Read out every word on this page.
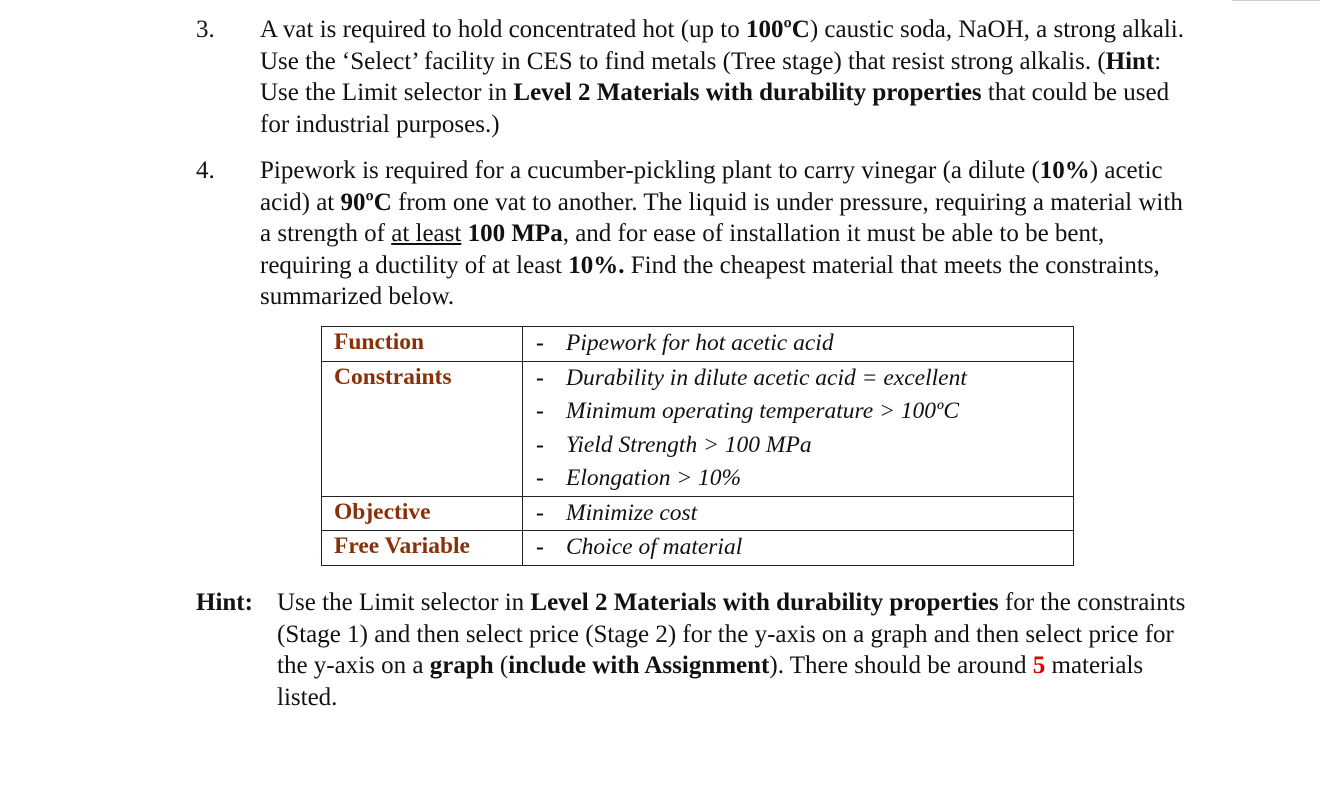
3. A vat is required to hold concentrated hot (up to 100ºC) caustic soda, NaOH, a strong alkali. Use the ‘Select’ facility in CES to find metals (Tree stage) that resist strong alkalis. (Hint: Use the Limit selector in Level 2 Materials with durability properties that could be used for industrial purposes.)
4. Pipework is required for a cucumber-pickling plant to carry vinegar (a dilute (10%) acetic acid) at 90ºC from one vat to another. The liquid is under pressure, requiring a material with a strength of at least 100 MPa, and for ease of installation it must be able to be bent, requiring a ductility of at least 10%. Find the cheapest material that meets the constraints, summarized below.
Function	- Pipework for hot acetic acid

Constraints	- Durability in dilute acetic acid = excellent
- Minimum operating temperature > 100ºC
- Yield Strength > 100 MPa
- Elongation > 10%

Objective	- Minimize cost

Free Variable	- Choice of material
Hint: Use the Limit selector in Level 2 Materials with durability properties for the constraints (Stage 1) and then select price (Stage 2) for the y-axis on a graph and then select price for the y-axis on a graph (include with Assignment). There should be around 5 materials listed.
